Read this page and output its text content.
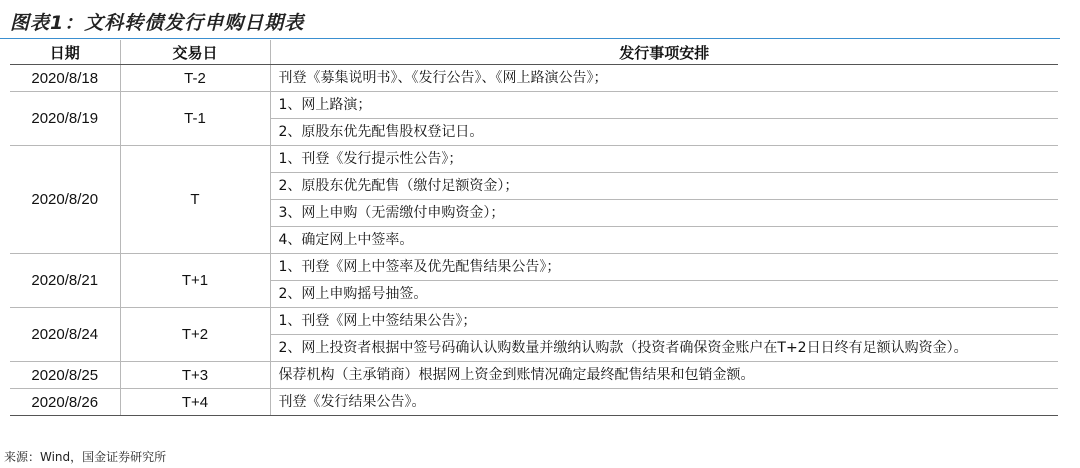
图表1：文科转债发行申购日期表
日期	交易日	发行事项安排
2020/8/18	T-2	刊登《募集说明书》、《发行公告》、《网上路演公告》；
2020/8/19	T-1	1、网上路演；
		2、原股东优先配售股权登记日。
2020/8/20	T	1、刊登《发行提示性公告》；
		2、原股东优先配售（缴付足额资金）；
		3、网上申购（无需缴付申购资金）；
		4、确定网上中签率。
2020/8/21	T+1	1、刊登《网上中签率及优先配售结果公告》；
		2、网上申购摇号抽签。
2020/8/24	T+2	1、刊登《网上中签结果公告》；
		2、网上投资者根据中签号码确认认购数量并缴纳认购款（投资者确保资金账户在T+2日日终有足额认购资金）。
2020/8/25	T+3	保荐机构（主承销商）根据网上资金到账情况确定最终配售结果和包销金额。
2020/8/26	T+4	刊登《发行结果公告》。
来源：Wind，国金证券研究所
